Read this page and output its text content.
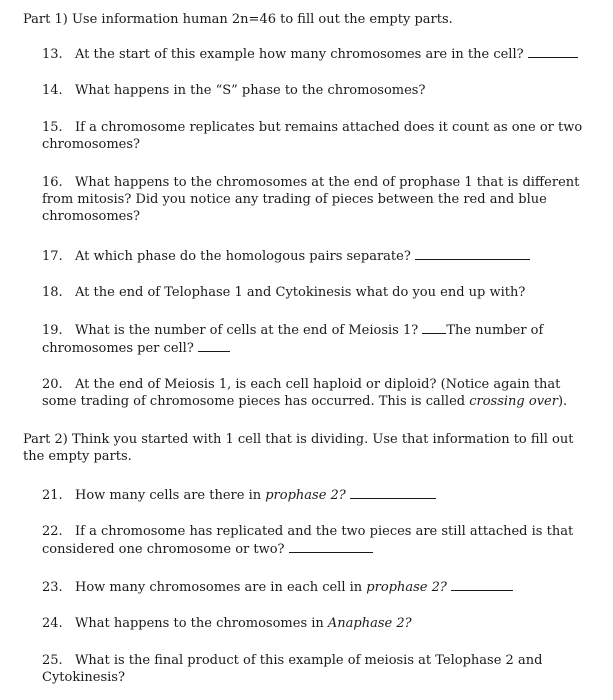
Part 1) Use information human 2n=46 to fill out the empty parts.
13. At the start of this example how many chromosomes are in the cell?
14. What happens in the “S” phase to the chromosomes?
15. If a chromosome replicates but remains attached does it count as one or two chromosomes?
16. What happens to the chromosomes at the end of prophase 1 that is different from mitosis? Did you notice any trading of pieces between the red and blue chromosomes?
17. At which phase do the homologous pairs separate?
18. At the end of Telophase 1 and Cytokinesis what do you end up with?
19. What is the number of cells at the end of Meiosis 1? The number of chromosomes per cell?
20. At the end of Meiosis 1, is each cell haploid or diploid? (Notice again that some trading of chromosome pieces has occurred. This is called crossing over).
Part 2) Think you started with 1 cell that is dividing. Use that information to fill out the empty parts.
21. How many cells are there in prophase 2?
22. If a chromosome has replicated and the two pieces are still attached is that considered one chromosome or two?
23. How many chromosomes are in each cell in prophase 2?
24. What happens to the chromosomes in Anaphase 2?
25. What is the final product of this example of meiosis at Telophase 2 and Cytokinesis?
